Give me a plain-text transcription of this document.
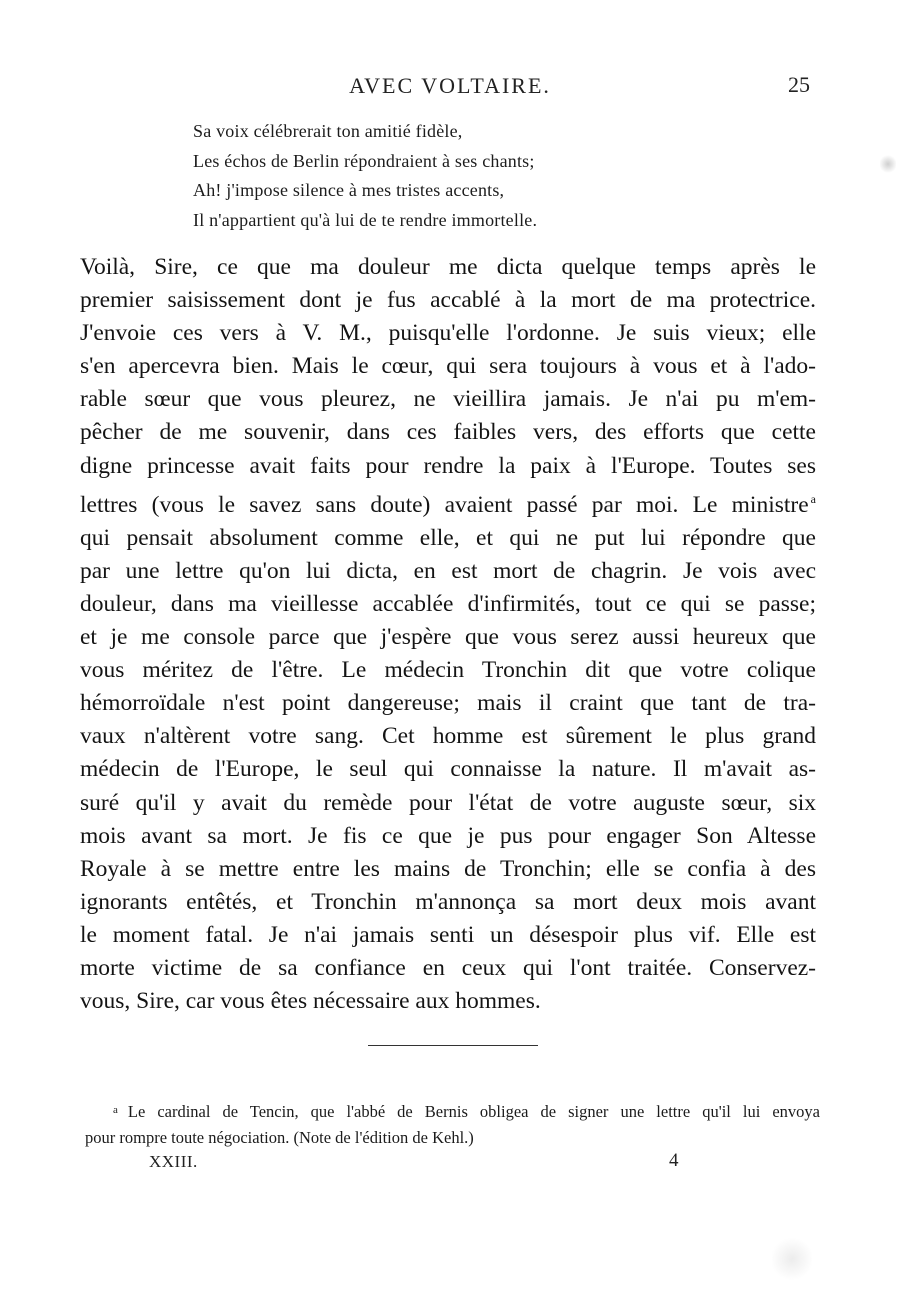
AVEC VOLTAIRE.	25
Sa voix célébrerait ton amitié fidèle,
Les échos de Berlin répondraient à ses chants;
Ah! j'impose silence à mes tristes accents,
Il n'appartient qu'à lui de te rendre immortelle.
Voilà, Sire, ce que ma douleur me dicta quelque temps après le
premier saisissement dont je fus accablé à la mort de ma protectrice.
J'envoie ces vers à V. M., puisqu'elle l'ordonne. Je suis vieux; elle
s'en apercevra bien. Mais le cœur, qui sera toujours à vous et à l'ado-
rable sœur que vous pleurez, ne vieillira jamais. Je n'ai pu m'em-
pêcher de me souvenir, dans ces faibles vers, des efforts que cette
digne princesse avait faits pour rendre la paix à l'Europe. Toutes ses
lettres (vous le savez sans doute) avaient passé par moi. Le ministre $^a$
qui pensait absolument comme elle, et qui ne put lui répondre que
par une lettre qu'on lui dicta, en est mort de chagrin. Je vois avec
douleur, dans ma vieillesse accablée d'infirmités, tout ce qui se passe;
et je me console parce que j'espère que vous serez aussi heureux que
vous méritez de l'être. Le médecin Tronchin dit que votre colique
hémorroïdale n'est point dangereuse; mais il craint que tant de tra-
vaux n'altèrent votre sang. Cet homme est sûrement le plus grand
médecin de l'Europe, le seul qui connaisse la nature. Il m'avait as-
suré qu'il y avait du remède pour l'état de votre auguste sœur, six
mois avant sa mort. Je fis ce que je pus pour engager Son Altesse
Royale à se mettre entre les mains de Tronchin; elle se confia à des
ignorants entêtés, et Tronchin m'annonça sa mort deux mois avant
le moment fatal. Je n'ai jamais senti un désespoir plus vif. Elle est
morte victime de sa confiance en ceux qui l'ont traitée. Conservez-
vous, Sire, car vous êtes nécessaire aux hommes.
$^a$ Le cardinal de Tencin, que l'abbé de Bernis obligea de signer une lettre qu'il lui envoya
pour rompre toute négociation. (Note de l'édition de Kehl.)
XXIII.	4
